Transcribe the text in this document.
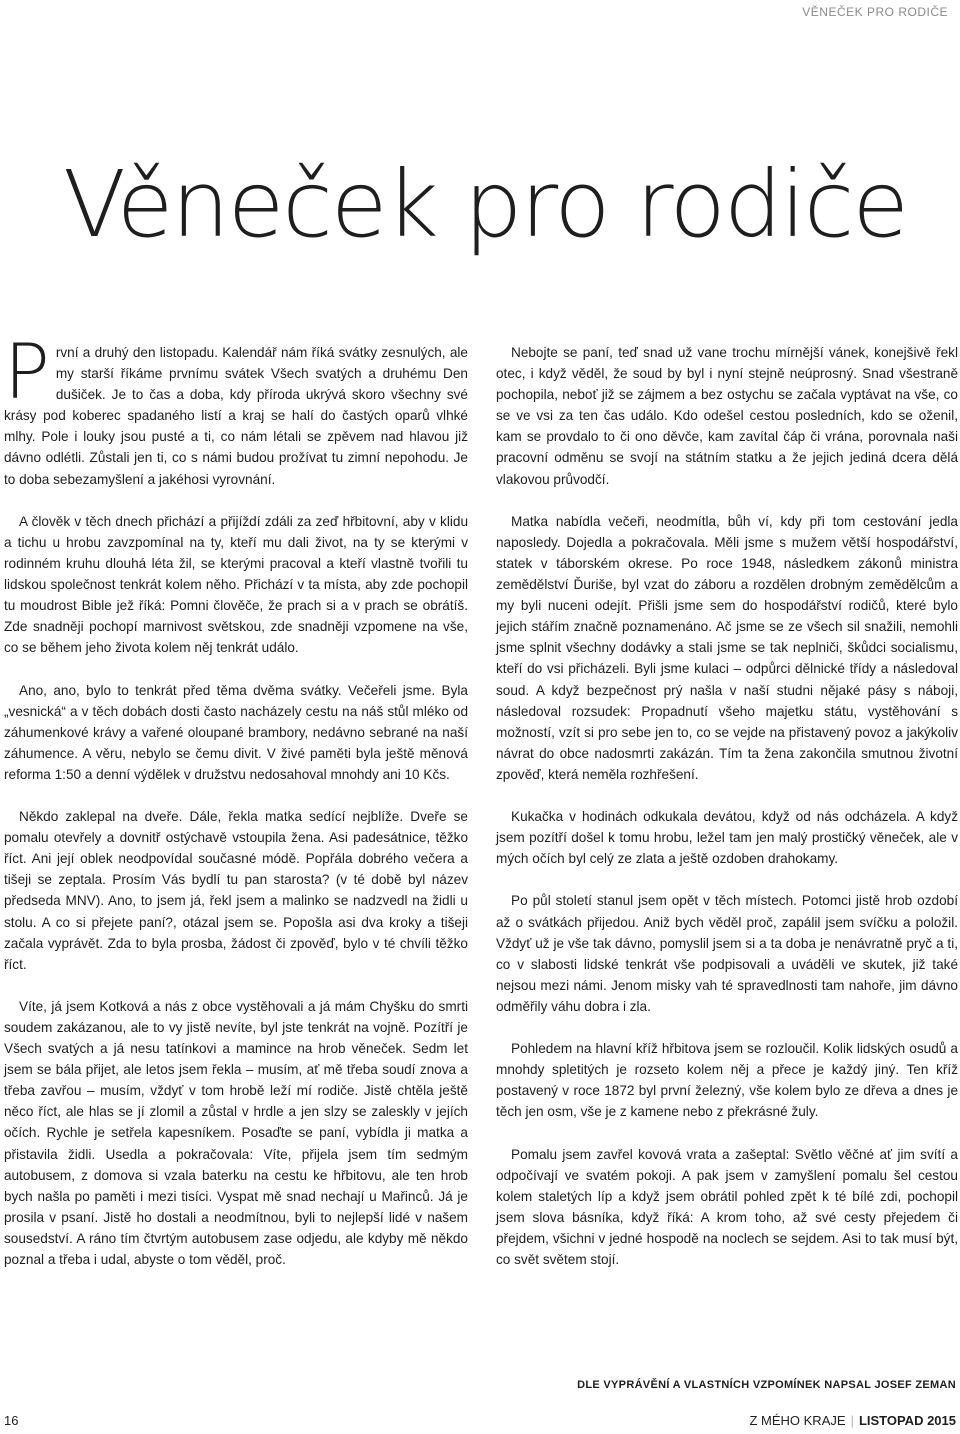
VĚNEČEK PRO RODIČE
Věneček pro rodiče

První a druhý den listopadu. Kalendář nám říká svátky zesnulých, ale my starší říkáme prvnímu svátek Všech svatých a druhému Den dušiček. Je to čas a doba, kdy příroda ukrývá skoro všechny své krásy pod koberec spadaného listí a kraj se halí do častých oparů vlhké mlhy. Pole i louky jsou pusté a ti, co nám létali se zpěvem nad hlavou již dávno odlétli. Zůstali jen ti, co s námi budou prožívat tu zimní nepohodu. Je to doba sebezamyšlení a jakéhosi vyrovnání.

A člověk v těch dnech přichází a přijíždí zdáli za zeď hřbitovní, aby v klidu a tichu u hrobu zavzpomínal na ty, kteří mu dali život, na ty se kterými v rodinném kruhu dlouhá léta žil, se kterými pracoval a kteří vlastně tvořili tu lidskou společnost tenkrát kolem něho. Přichází v ta místa, aby zde pochopil tu moudrost Bible jež říká: Pomni člověče, že prach si a v prach se obrátíš. Zde snadněji pochopí marnivost světskou, zde snadněji vzpomene na vše, co se během jeho života kolem něj tenkrát událo.

Ano, ano, bylo to tenkrát před těma dvěma svátky. Večeřeli jsme. Byla „vesnická“ a v těch dobách dosti často nacházely cestu na náš stůl mléko od záhumenkové krávy a vařené oloupané brambory, nedávno sebrané na naší záhumence. A věru, nebylo se čemu divit. V živé paměti byla ještě měnová reforma 1:50 a denní výdělek v družstvu nedosahoval mnohdy ani 10 Kčs.

Někdo zaklepal na dveře. Dále, řekla matka sedící nejblíže. Dveře se pomalu otevřely a dovnitř ostýchavě vstoupila žena. Asi padesátnice, těžko říct. Ani její oblek neodpovídal současné módě. Popřála dobrého večera a tišeji se zeptala. Prosím Vás bydlí tu pan starosta? (v té době byl název předseda MNV). Ano, to jsem já, řekl jsem a malinko se nadzvedl na židli u stolu. A co si přejete paní?, otázal jsem se. Popošla asi dva kroky a tišeji začala vyprávět. Zda to byla prosba, žádost či zpověď, bylo v té chvíli těžko říct.

Víte, já jsem Kotková a nás z obce vystěhovali a já mám Chyšku do smrti soudem zakázanou, ale to vy jistě nevíte, byl jste tenkrát na vojně. Pozítří je Všech svatých a já nesu tatínkovi a mamince na hrob věneček. Sedm let jsem se bála přijet, ale letos jsem řekla – musím, ať mě třeba soudí znova a třeba zavřou – musím, vždyť v tom hrobě leží mí rodiče. Jistě chtěla ještě něco říct, ale hlas se jí zlomil a zůstal v hrdle a jen slzy se zaleskly v jejích očích. Rychle je setřela kapesníkem. Posaďte se paní, vybídla ji matka a přistavila židli. Usedla a pokračovala: Víte, přijela jsem tím sedmým autobusem, z domova si vzala baterku na cestu ke hřbitovu, ale ten hrob bych našla po paměti i mezi tisíci. Vyspat mě snad nechají u Mařinců. Já je prosila v psaní. Jistě ho dostali a neodmítnou, byli to nejlepší lidé v našem sousedství. A ráno tím čtvrtým autobusem zase odjedu, ale kdyby mě někdo poznal a třeba i udal, abyste o tom věděl, proč.

Nebojte se paní, teď snad už vane trochu mírnější vánek, konejšivě řekl otec, i když věděl, že soud by byl i nyní stejně neúprosný. Snad všestraně pochopila, neboť již se zájmem a bez ostychu se začala vyptávat na vše, co se ve vsi za ten čas událo. Kdo odešel cestou posledních, kdo se oženil, kam se provdalo to či ono děvče, kam zavítal čáp či vrána, porovnala naši pracovní odměnu se svojí na státním statku a že jejich jediná dcera dělá vlakovou průvodčí.

Matka nabídla večeři, neodmítla, bůh ví, kdy při tom cestování jedla naposledy. Dojedla a pokračovala. Měli jsme s mužem větší hospodářství, statek v táborském okrese. Po roce 1948, následkem zákonů ministra zemědělství Ďuriše, byl vzat do záboru a rozdělen drobným zemědělcům a my byli nuceni odejít. Přišli jsme sem do hospodářství rodičů, které bylo jejich stářím značně poznamenáno. Ač jsme se ze všech sil snažili, nemohli jsme splnit všechny dodávky a stali jsme se tak neplniči, škůdci socialismu, kteří do vsi přicházeli. Byli jsme kulaci – odpůrci dělnické třídy a následoval soud. A když bezpečnost prý našla v naší studni nějaké pásy s náboji, následoval rozsudek: Propadnutí všeho majetku státu, vystěhování s možností, vzít si pro sebe jen to, co se vejde na přistavený povoz a jakýkoliv návrat do obce nadosmrti zakázán. Tím ta žena zakončila smutnou životní zpověď, která neměla rozhřešení.

Kukačka v hodinách odkukala devátou, když od nás odcházela. A když jsem pozítří došel k tomu hrobu, ležel tam jen malý prostičký věneček, ale v mých očích byl celý ze zlata a ještě ozdoben drahokamy.

Po půl století stanul jsem opět v těch místech. Potomci jistě hrob ozdobí až o svátkách přijedou. Aniž bych věděl proč, zapálil jsem svíčku a položil. Vždyť už je vše tak dávno, pomyslil jsem si a ta doba je nenávratně pryč a ti, co v slabosti lidské tenkrát vše podpisovali a uváděli ve skutek, již také nejsou mezi námi. Jenom misky vah té spravedlnosti tam nahoře, jim dávno odměřily váhu dobra i zla.

Pohledem na hlavní kříž hřbitova jsem se rozloučil. Kolik lidských osudů a mnohdy spletitých je rozseto kolem něj a přece je každý jiný. Ten kříž postavený v roce 1872 byl první železný, vše kolem bylo ze dřeva a dnes je těch jen osm, vše je z kamene nebo z překrásné žuly.

Pomalu jsem zavřel kovová vrata a zašeptal: Světlo věčné ať jim svítí a odpočívají ve svatém pokoji. A pak jsem v zamyšlení pomalu šel cestou kolem staletých líp a když jsem obrátil pohled zpět k té bílé zdi, pochopil jsem slova básníka, když říká: A krom toho, až své cesty přejedem či přejdem, všichni v jedné hospodě na noclech se sejdem. Asi to tak musí být, co svět světem stojí.

DLE VYPRÁVĚNÍ A VLASTNÍCH VZPOMÍNEK NAPSAL JOSEF ZEMAN
16	Z MÉHO KRAJE | LISTOPAD 2015
